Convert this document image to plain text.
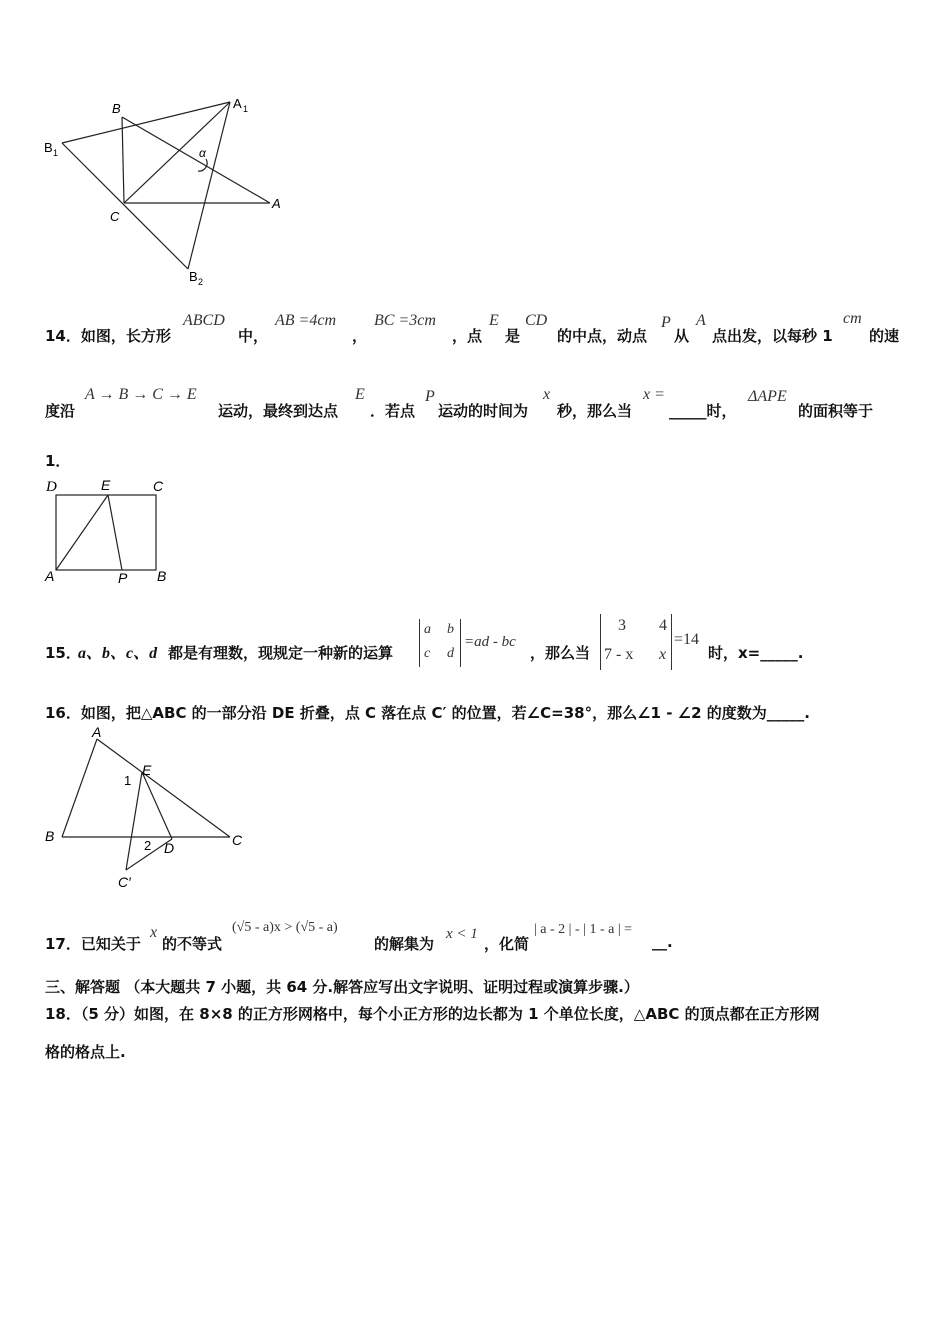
B	A 1
B 1	α
C
A
B 2
14．如图，长方形
ABCD
中，
AB =4cm
，
BC =3cm
，点
E
是
CD
的中点，动点
P
从
A
点出发，以每秒 1
cm
的速
度沿
A → B → C → E
运动，最终到达点
E
．若点
P
运动的时间为
x
秒，那么当
x =
_____时，
ΔAPE
的面积等于
1．
D	E	C
A	P B
15．
a、b、c、d 都是有理数，现规定一种新的运算
a b
c d
=ad - bc
，那么当
3 4
7 - x x
=14
时，x=_____.
16．如图，把△ABC 的一部分沿 DE 折叠，点 C 落在点 C′ 的位置，若∠C=38°，那么∠1 - ∠2 的度数为_____.
A
E
1
B
2 D	C
C′
17．已知关于
x
的不等式
(√5 - a)x > (√5 - a)
的解集为
x < 1
，化简
| a - 2 | - | 1 - a | =
__.
三、解答题 （本大题共 7 小题，共 64 分.解答应写出文字说明、证明过程或演算步骤.）
18．（5 分）如图，在 8×8 的正方形网格中，每个小正方形的边长都为 1 个单位长度，△ABC 的顶点都在正方形网
格的格点上.
